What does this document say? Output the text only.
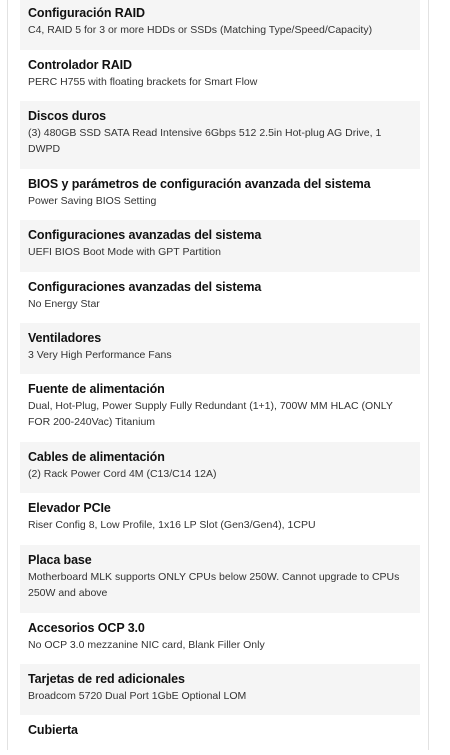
Configuración RAID
C4, RAID 5 for 3 or more HDDs or SSDs (Matching Type/Speed/Capacity)
Controlador RAID
PERC H755 with floating brackets for Smart Flow
Discos duros
(3) 480GB SSD SATA Read Intensive 6Gbps 512 2.5in Hot-plug AG Drive, 1 DWPD
BIOS y parámetros de configuración avanzada del sistema
Power Saving BIOS Setting
Configuraciones avanzadas del sistema
UEFI BIOS Boot Mode with GPT Partition
Configuraciones avanzadas del sistema
No Energy Star
Ventiladores
3 Very High Performance Fans
Fuente de alimentación
Dual, Hot-Plug, Power Supply Fully Redundant (1+1), 700W MM HLAC (ONLY FOR 200-240Vac) Titanium
Cables de alimentación
(2) Rack Power Cord 4M (C13/C14 12A)
Elevador PCIe
Riser Config 8, Low Profile, 1x16 LP Slot (Gen3/Gen4), 1CPU
Placa base
Motherboard MLK supports ONLY CPUs below 250W. Cannot upgrade to CPUs 250W and above
Accesorios OCP 3.0
No OCP 3.0 mezzanine NIC card, Blank Filler Only
Tarjetas de red adicionales
Broadcom 5720 Dual Port 1GbE Optional LOM
Cubierta
